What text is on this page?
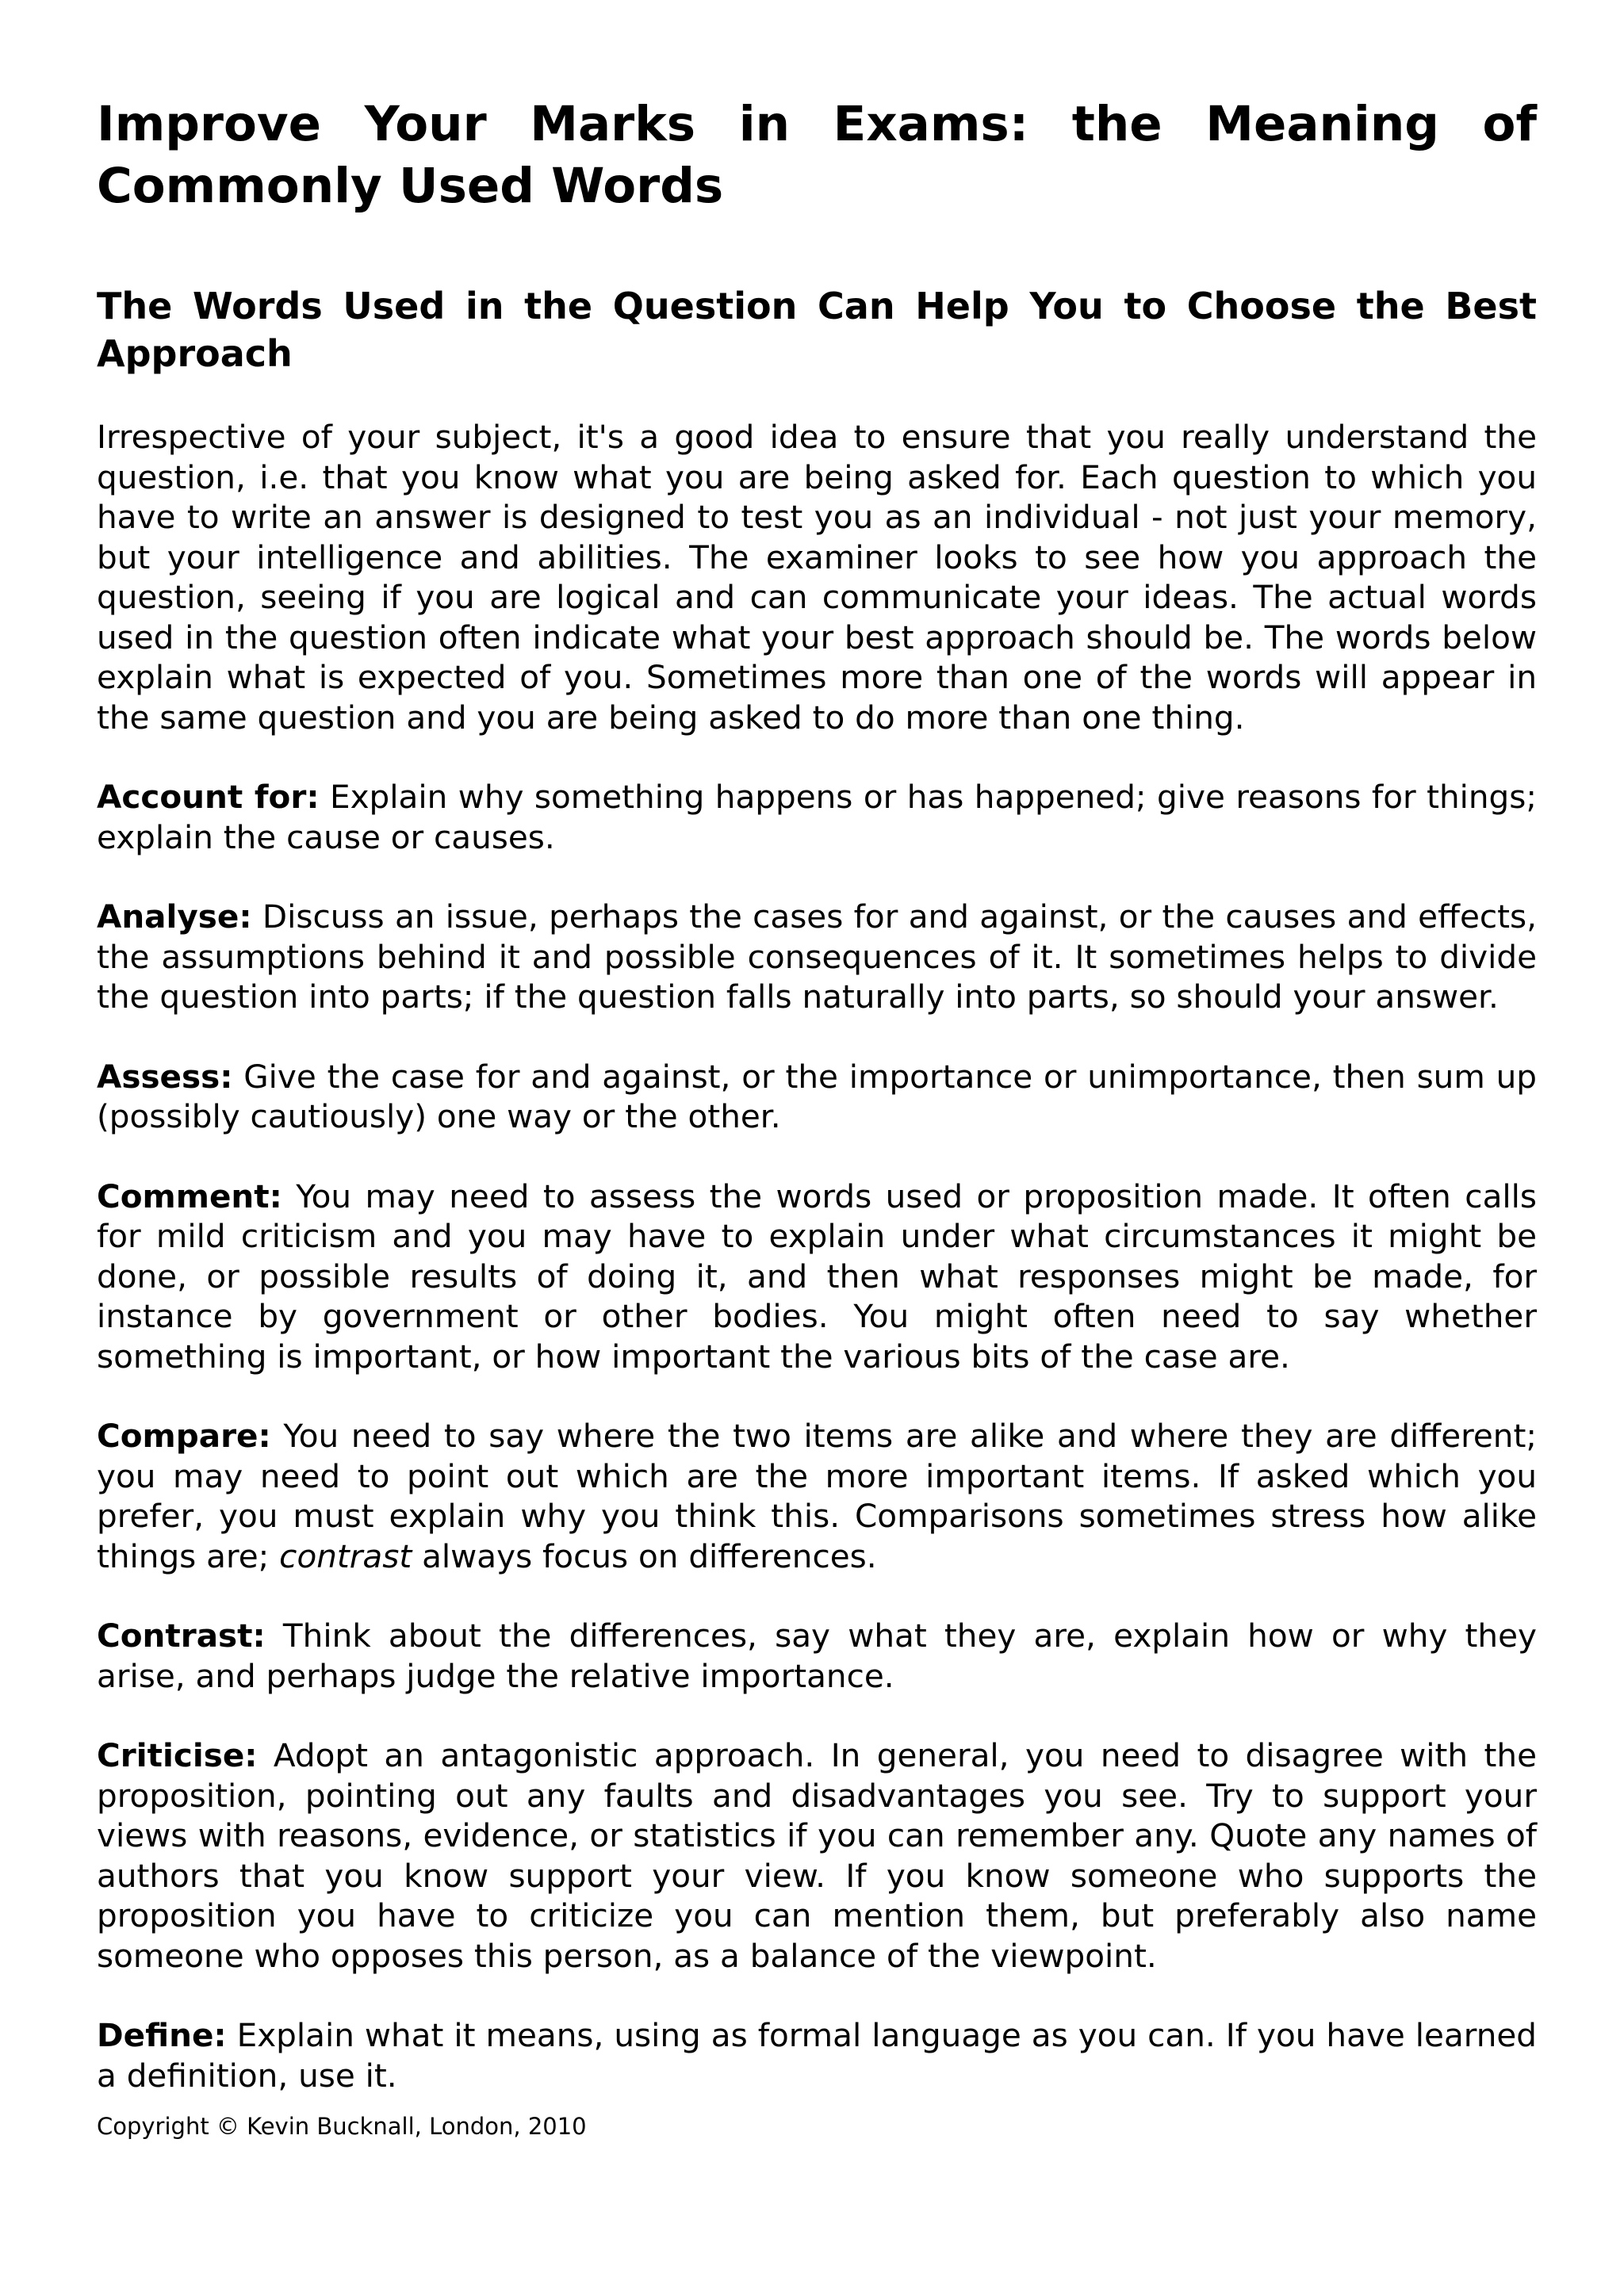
Improve Your Marks in Exams: the Meaning of Commonly Used Words
The Words Used in the Question Can Help You to Choose the Best Approach

Irrespective of your subject, it's a good idea to ensure that you really understand the question, i.e. that you know what you are being asked for. Each question to which you have to write an answer is designed to test you as an individual - not just your memory, but your intelligence and abilities. The examiner looks to see how you approach the question, seeing if you are logical and can communicate your ideas. The actual words used in the question often indicate what your best approach should be. The words below explain what is expected of you. Sometimes more than one of the words will appear in the same question and you are being asked to do more than one thing.

Account for: Explain why something happens or has happened; give reasons for things; explain the cause or causes.

Analyse: Discuss an issue, perhaps the cases for and against, or the causes and effects, the assumptions behind it and possible consequences of it. It sometimes helps to divide the question into parts; if the question falls naturally into parts, so should your answer.

Assess: Give the case for and against, or the importance or unimportance, then sum up (possibly cautiously) one way or the other.

Comment: You may need to assess the words used or proposition made. It often calls for mild criticism and you may have to explain under what circumstances it might be done, or possible results of doing it, and then what responses might be made, for instance by government or other bodies. You might often need to say whether something is important, or how important the various bits of the case are.

Compare: You need to say where the two items are alike and where they are different; you may need to point out which are the more important items. If asked which you prefer, you must explain why you think this. Comparisons sometimes stress how alike things are; contrast always focus on differences.

Contrast: Think about the differences, say what they are, explain how or why they arise, and perhaps judge the relative importance.

Criticise: Adopt an antagonistic approach. In general, you need to disagree with the proposition, pointing out any faults and disadvantages you see. Try to support your views with reasons, evidence, or statistics if you can remember any. Quote any names of authors that you know support your view. If you know someone who supports the proposition you have to criticize you can mention them, but preferably also name someone who opposes this person, as a balance of the viewpoint.

Define: Explain what it means, using as formal language as you can. If you have learned a definition, use it.

Copyright © Kevin Bucknall, London, 2010
